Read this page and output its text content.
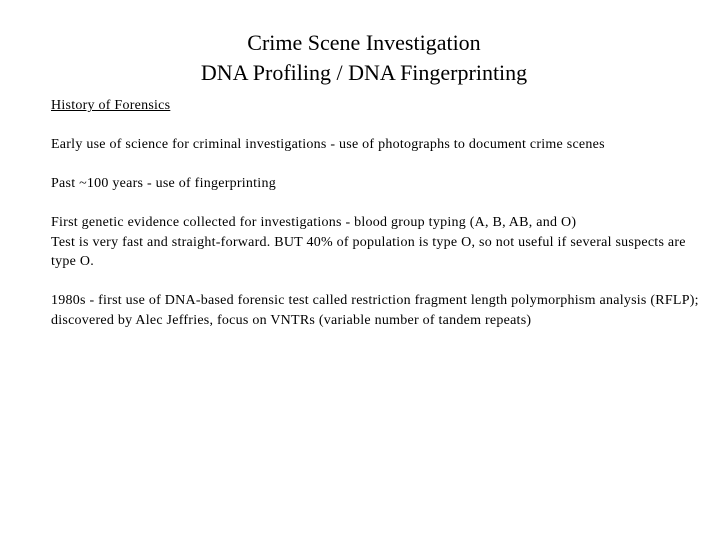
Crime Scene Investigation
DNA Profiling / DNA Fingerprinting

History of Forensics

Early use of science for criminal investigations - use of photographs to document crime scenes

Past ~100 years - use of fingerprinting

First genetic evidence collected for investigations - blood group typing (A, B, AB, and O)

Test is very fast and straight-forward. BUT 40% of population is type O, so not useful if several suspects are type O.

1980s - first use of DNA-based forensic test called restriction fragment length polymorphism analysis (RFLP); discovered by Alec Jeffries, focus on VNTRs (variable number of tandem repeats)
